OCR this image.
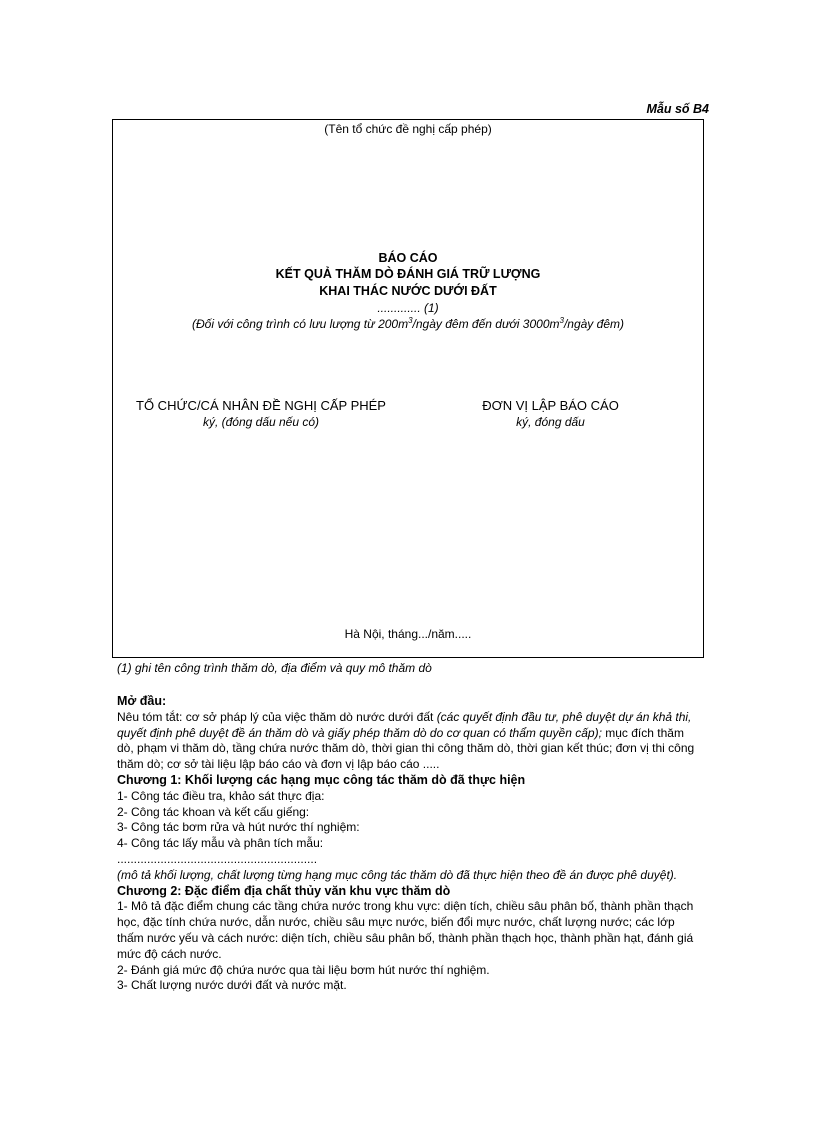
Mẫu số B4
(Tên tổ chức đề nghị cấp phép)
BÁO CÁO
KẾT QUẢ THĂM DÒ ĐÁNH GIÁ TRỮ LƯỢNG
KHAI THÁC NƯỚC DƯỚI ĐẤT
............. (1)
(Đối với công trình có lưu lượng từ $200m^3$/ngày đêm đến dưới $3000m^3$/ngày đêm)
TỔ CHỨC/CÁ NHÂN ĐỀ NGHỊ CẤP PHÉP
ký, (đóng dấu nếu có)
ĐƠN VỊ LẬP BÁO CÁO
ký, đóng dấu
Hà Nội, tháng.../năm.....
(1) ghi tên công trình thăm dò, địa điểm và quy mô thăm dò

Mở đầu:

Nêu tóm tắt: cơ sở pháp lý của việc thăm dò nước dưới đất (các quyết định đầu tư, phê duyệt dự án khả thi, quyết định phê duyệt đề án thăm dò và giấy phép thăm dò do cơ quan có thẩm quyền cấp); mục đích thăm dò, phạm vi thăm dò, tầng chứa nước thăm dò, thời gian thi công thăm dò, thời gian kết thúc; đơn vị thi công thăm dò; cơ sở tài liệu lập báo cáo và đơn vị lập báo cáo .....

Chương 1: Khối lượng các hạng mục công tác thăm dò đã thực hiện

1- Công tác điều tra, khảo sát thực địa:

2- Công tác khoan và kết cấu giếng:

3- Công tác bơm rửa và hút nước thí nghiệm:

4- Công tác lấy mẫu và phân tích mẫu:

............................................................

(mô tả khối lượng, chất lượng từng hạng mục công tác thăm dò đã thực hiện theo đề án được phê duyệt).

Chương 2: Đặc điểm địa chất thủy văn khu vực thăm dò

1- Mô tả đặc điểm chung các tầng chứa nước trong khu vực: diện tích, chiều sâu phân bố, thành phần thạch học, đặc tính chứa nước, dẫn nước, chiều sâu mực nước, biến đổi mực nước, chất lượng nước; các lớp thấm nước yếu và cách nước: diện tích, chiều sâu phân bố, thành phần thạch học, thành phần hạt, đánh giá mức độ cách nước.

2- Đánh giá mức độ chứa nước qua tài liệu bơm hút nước thí nghiệm.

3- Chất lượng nước dưới đất và nước mặt.
